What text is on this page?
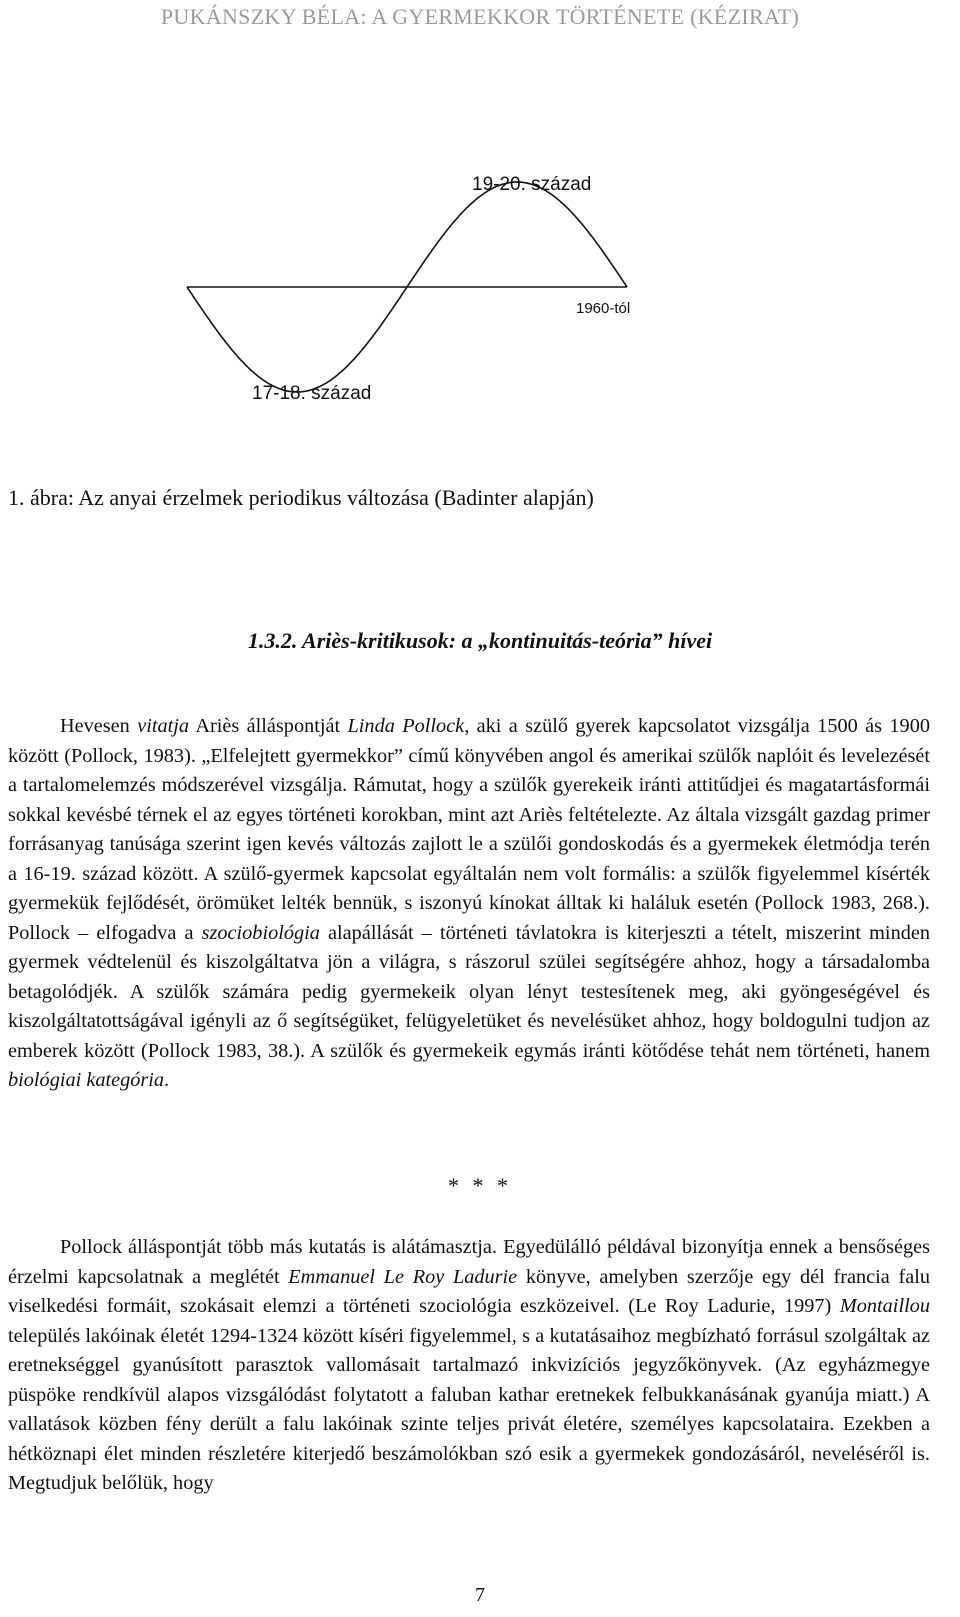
PUKÁNSZKY BÉLA: A GYERMEKKOR TÖRTÉNETE (KÉZIRAT)
19-20. század
1960-tól
17-18. század
1. ábra: Az anyai érzelmek periodikus változása (Badinter alapján)
1.3.2. Ariès-kritikusok: a „kontinuitás-teória” hívei
Hevesen vitatja Ariès álláspontját Linda Pollock, aki a szülő gyerek kapcsolatot vizsgálja 1500 ás 1900 között (Pollock, 1983). „Elfelejtett gyermekkor” című könyvében angol és amerikai szülők naplóit és levelezését a tartalomelemzés módszerével vizsgálja. Rámutat, hogy a szülők gyerekeik iránti attitűdjei és magatartásformái sokkal kevésbé térnek el az egyes történeti korokban, mint azt Ariès feltételezte. Az általa vizsgált gazdag primer forrásanyag tanúsága szerint igen kevés változás zajlott le a szülői gondoskodás és a gyermekek életmódja terén a 16-19. század között. A szülő-gyermek kapcsolat egyáltalán nem volt formális: a szülők figyelemmel kísérték gyermekük fejlődését, örömüket lelték bennük, s iszonyú kínokat álltak ki haláluk esetén (Pollock 1983, 268.). Pollock – elfogadva a szociobiológia alapállását – történeti távlatokra is kiterjeszti a tételt, miszerint minden gyermek védtelenül és kiszolgáltatva jön a világra, s rászorul szülei segítségére ahhoz, hogy a társadalomba betagolódjék. A szülők számára pedig gyermekeik olyan lényt testesítenek meg, aki gyöngeségével és kiszolgáltatottságával igényli az ő segítségüket, felügyeletüket és nevelésüket ahhoz, hogy boldogulni tudjon az emberek között (Pollock 1983, 38.). A szülők és gyermekeik egymás iránti kötődése tehát nem történeti, hanem biológiai kategória.
* * *
Pollock álláspontját több más kutatás is alátámasztja. Egyedülálló példával bizonyítja ennek a bensőséges érzelmi kapcsolatnak a meglétét Emmanuel Le Roy Ladurie könyve, amelyben szerzője egy dél francia falu viselkedési formáit, szokásait elemzi a történeti szociológia eszközeivel. (Le Roy Ladurie, 1997) Montaillou település lakóinak életét 1294-1324 között kíséri figyelemmel, s a kutatásaihoz megbízható forrásul szolgáltak az eretnekséggel gyanúsított parasztok vallomásait tartalmazó inkvizíciós jegyzőkönyvek. (Az egyházmegye püspöke rendkívül alapos vizsgálódást folytatott a faluban kathar eretnekek felbukkanásának gyanúja miatt.) A vallatások közben fény derült a falu lakóinak szinte teljes privát életére, személyes kapcsolataira. Ezekben a hétköznapi élet minden részletére kiterjedő beszámolókban szó esik a gyermekek gondozásáról, neveléséről is. Megtudjuk belőlük, hogy
7
